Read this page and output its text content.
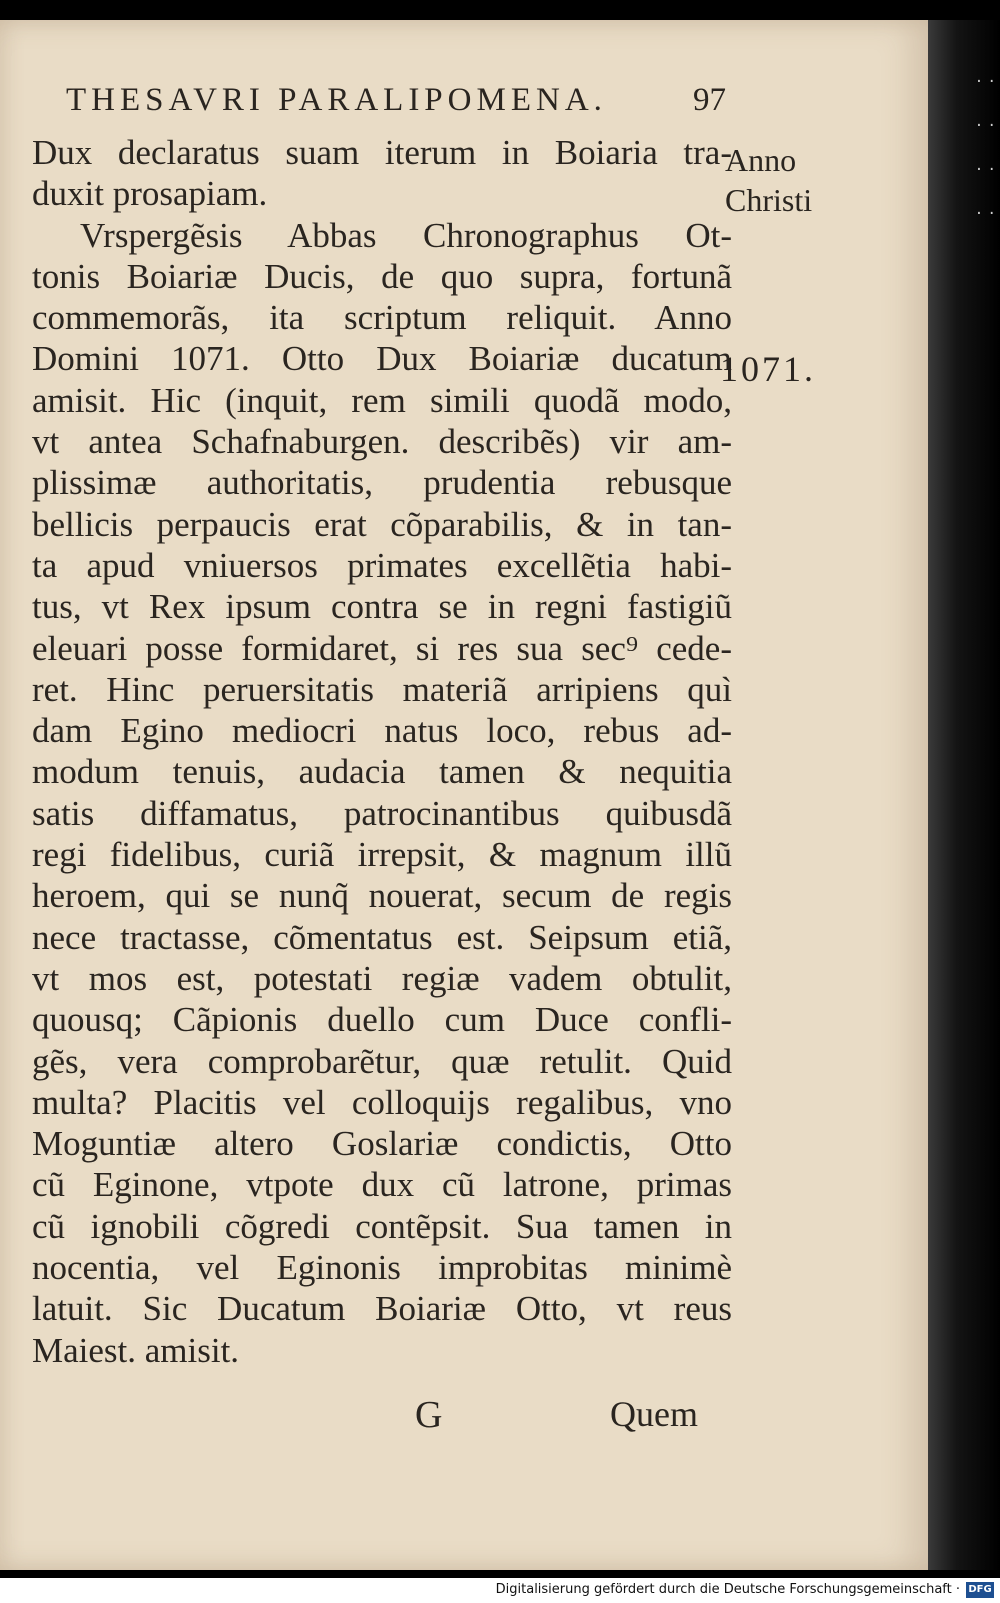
· ·
· ·
· ·
· ·
THESAVRI PARALIPOMENA.	97
Anno
Christi
1071.
Dux declaratus suam iterum in Boiaria tra-
duxit prosapiam.
Vrspergẽsis Abbas Chronographus Ot-
tonis Boiariæ Ducis, de quo supra, fortunã
commemorãs, ita scriptum reliquit. Anno
Domini 1071. Otto Dux Boiariæ ducatum
amisit. Hic (inquit, rem simili quodã modo,
vt antea Schafnaburgen. describẽs) vir am-
plissimæ authoritatis, prudentia rebusque
bellicis perpaucis erat cõparabilis, & in tan-
ta apud vniuersos primates excellẽtia habi-
tus, vt Rex ipsum contra se in regni fastigiũ
eleuari posse formidaret, si res sua sec⁹ cede-
ret. Hinc peruersitatis materiã arripiens quì
dam Egino mediocri natus loco, rebus ad-
modum tenuis, audacia tamen & nequitia
satis diffamatus, patrocinantibus quibusdã
regi fidelibus, curiã irrepsit, & magnum illũ
heroem, qui se nunq̃ nouerat, secum de regis
nece tractasse, cõmentatus est. Seipsum etiã,
vt mos est, potestati regiæ vadem obtulit,
quousq; Cãpionis duello cum Duce confli-
gẽs, vera comprobarẽtur, quæ retulit. Quid
multa? Placitis vel colloquijs regalibus, vno
Moguntiæ altero Goslariæ condictis, Otto
cũ Eginone, vtpote dux cũ latrone, primas
cũ ignobili cõgredi contẽpsit. Sua tamen in
nocentia, vel Eginonis improbitas minimè
latuit. Sic Ducatum Boiariæ Otto, vt reus
Maiest. amisit.
G	Quem
Digitalisierung gefördert durch die Deutsche Forschungsgemeinschaft · DFG
